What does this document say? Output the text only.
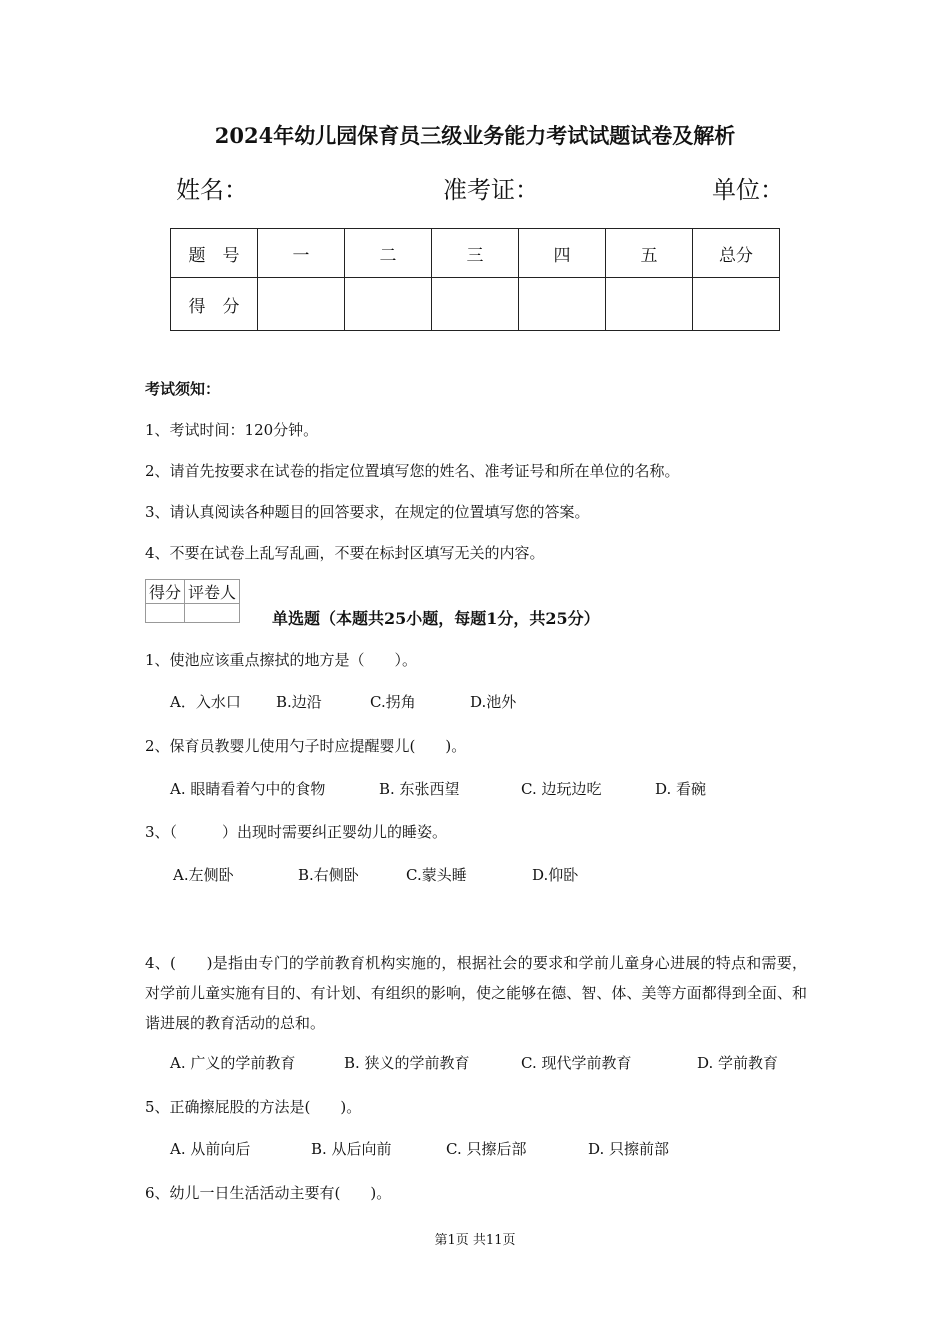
2024年幼儿园保育员三级业务能力考试试题试卷及解析
姓名：	准考证：	单位：
题　号	一	二	三	四	五	总分
得　分						
考试须知：
1、考试时间：120分钟。
2、请首先按要求在试卷的指定位置填写您的姓名、准考证号和所在单位的名称。
3、请认真阅读各种题目的回答要求，在规定的位置填写您的答案。
4、不要在试卷上乱写乱画，不要在标封区填写无关的内容。
得分	评卷人

单选题（本题共25小题，每题1分，共25分）
1、使池应该重点擦拭的地方是（　　）。
A．入水口 B.边沿	C.拐角	D.池外
2、保育员教婴儿使用勺子时应提醒婴儿(　　)。
A. 眼睛看着勺中的食物	B. 东张西望	C. 边玩边吃	D. 看碗
3、（　　　）出现时需要纠正婴幼儿的睡姿。
A.左侧卧	B.右侧卧	C.蒙头睡	D.仰卧
4、(　　)是指由专门的学前教育机构实施的，根据社会的要求和学前儿童身心进展的特点和需要，对学前儿童实施有目的、有计划、有组织的影响，使之能够在德、智、体、美等方面都得到全面、和谐进展的教育活动的总和。
A. 广义的学前教育	B. 狭义的学前教育	C. 现代学前教育	D. 学前教育
5、正确擦屁股的方法是(　　)。
A. 从前向后	B. 从后向前	C. 只擦后部	D. 只擦前部
6、幼儿一日生活活动主要有(　　)。
第1页 共11页
